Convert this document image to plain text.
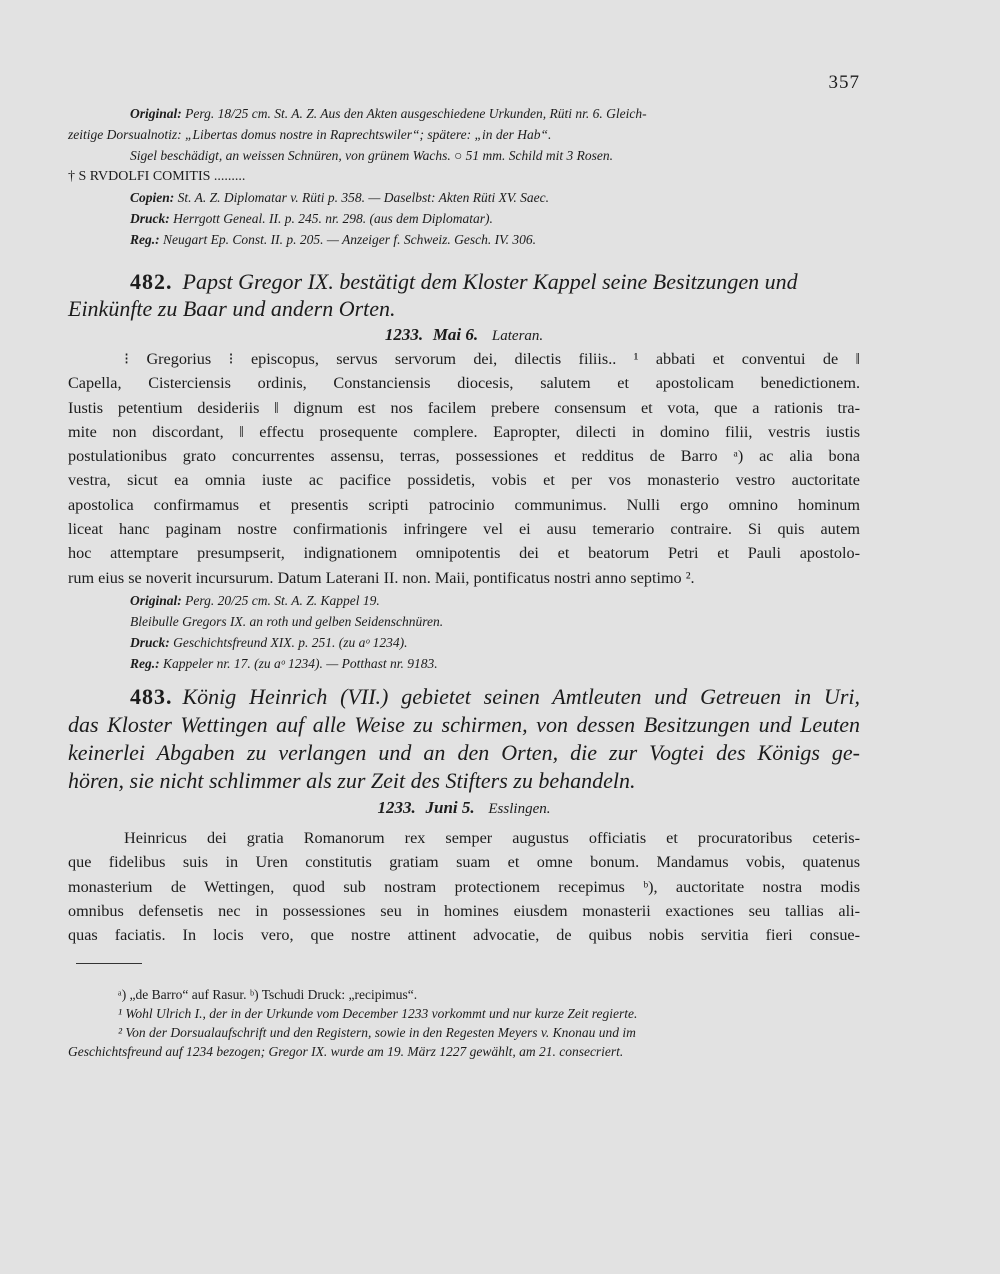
357
Original: Perg. 18/25 cm. St. A. Z. Aus den Akten ausgeschiedene Urkunden, Rüti nr. 6. Gleich-
zeitige Dorsualnotiz: „Libertas domus nostre in Raprechtswiler“; spätere: „in der Hab“.
Sigel beschädigt, an weissen Schnüren, von grünem Wachs. ○ 51 mm. Schild mit 3 Rosen.
† S RVDOLFI COMITIS .........
Copien: St. A. Z. Diplomatar v. Rüti p. 358. — Daselbst: Akten Rüti XV. Saec.
Druck: Herrgott Geneal. II. p. 245. nr. 298. (aus dem Diplomatar).
Reg.: Neugart Ep. Const. II. p. 205. — Anzeiger f. Schweiz. Gesch. IV. 306.
482. Papst Gregor IX. bestätigt dem Kloster Kappel seine Besitzungen und
Einkünfte zu Baar und andern Orten.
1233. Mai 6. Lateran.
⁝ Gregorius ⁝ episcopus, servus servorum dei, dilectis filiis.. ¹ abbati et conventui de ‖
Capella, Cisterciensis ordinis, Constanciensis diocesis, salutem et apostolicam benedictionem.
Iustis petentium desideriis ‖ dignum est nos facilem prebere consensum et vota, que a rationis tra-
mite non discordant, ‖ effectu prosequente complere. Eapropter, dilecti in domino filii, vestris iustis
postulationibus grato concurrentes assensu, terras, possessiones et redditus de Barro ᵃ) ac alia bona
vestra, sicut ea omnia iuste ac pacifice possidetis, vobis et per vos monasterio vestro auctoritate
apostolica confirmamus et presentis scripti patrocinio communimus. Nulli ergo omnino hominum
liceat hanc paginam nostre confirmationis infringere vel ei ausu temerario contraire. Si quis autem
hoc attemptare presumpserit, indignationem omnipotentis dei et beatorum Petri et Pauli apostolo-
rum eius se noverit incursurum. Datum Laterani II. non. Maii, pontificatus nostri anno septimo ².
Original: Perg. 20/25 cm. St. A. Z. Kappel 19.
Bleibulle Gregors IX. an roth und gelben Seidenschnüren.
Druck: Geschichtsfreund XIX. p. 251. (zu aᵒ 1234).
Reg.: Kappeler nr. 17. (zu aᵒ 1234). — Potthast nr. 9183.
483. König Heinrich (VII.) gebietet seinen Amtleuten und Getreuen in Uri,
das Kloster Wettingen auf alle Weise zu schirmen, von dessen Besitzungen und Leuten
keinerlei Abgaben zu verlangen und an den Orten, die zur Vogtei des Königs ge-
hören, sie nicht schlimmer als zur Zeit des Stifters zu behandeln.
1233. Juni 5. Esslingen.
Heinricus dei gratia Romanorum rex semper augustus officiatis et procuratoribus ceteris-
que fidelibus suis in Uren constitutis gratiam suam et omne bonum. Mandamus vobis, quatenus
monasterium de Wettingen, quod sub nostram protectionem recepimus ᵇ), auctoritate nostra modis
omnibus defensetis nec in possessiones seu in homines eiusdem monasterii exactiones seu tallias ali-
quas faciatis. In locis vero, que nostre attinent advocatie, de quibus nobis servitia fieri consue-
ᵃ) „de Barro“ auf Rasur. ᵇ) Tschudi Druck: „recipimus“.
¹ Wohl Ulrich I., der in der Urkunde vom December 1233 vorkommt und nur kurze Zeit regierte.
² Von der Dorsualaufschrift und den Registern, sowie in den Regesten Meyers v. Knonau und im
Geschichtsfreund auf 1234 bezogen; Gregor IX. wurde am 19. März 1227 gewählt, am 21. consecriert.
